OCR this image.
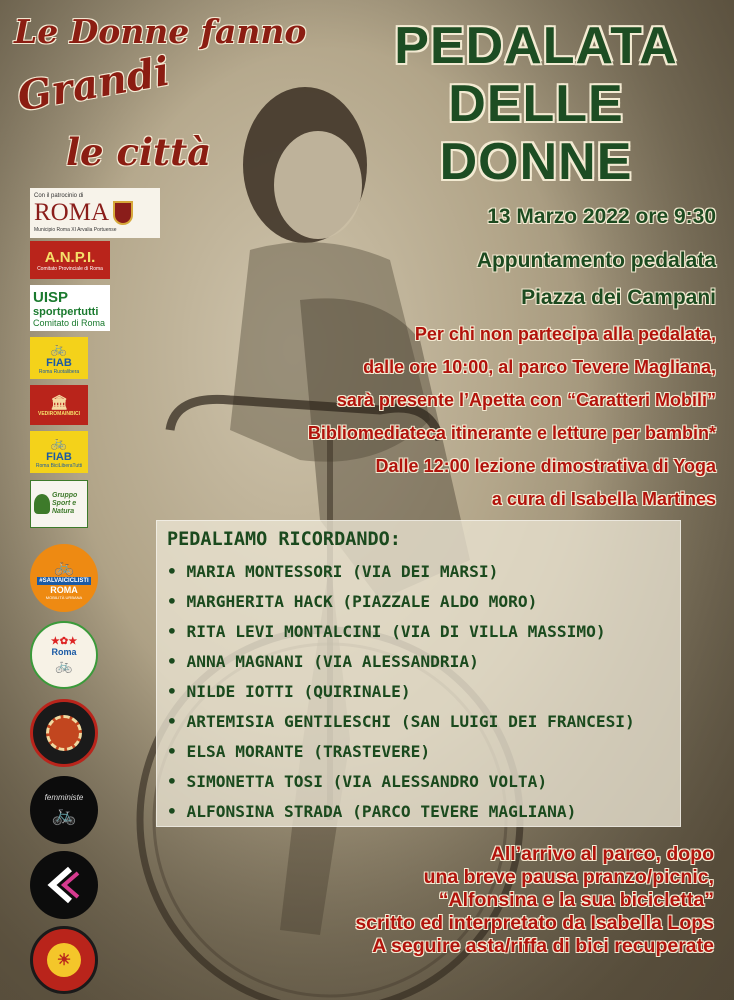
Le Donne fanno
Grandi
le città
PEDALATA
DELLE
DONNE
13 Marzo 2022 ore 9:30
Appuntamento pedalata
Piazza dei Campani
Per chi non partecipa alla pedalata,
dalle ore 10:00, al parco Tevere Magliana,
sarà presente l’Apetta con “Caratteri Mobili”
Bibliomediateca itinerante e letture per bambin*
Dalle 12:00 lezione dimostrativa di Yoga
a cura di Isabella Martines
Con il patrocinio di
ROMA
Municipio Roma XI Arvalia Portuense
A.N.P.I.
Comitato Provinciale di Roma
UISP
sportpertutti
Comitato di Roma
🚲
FIAB
Roma Ruotalibera
🏛
VEDIROMAINBICI
🚲
FIAB
Roma BiciLiberaTutti
Gruppo Sport e Natura
🚲
#SALVAICICLISTI
ROMA
MOBILITÀ URBANA
★✿★
Roma
🚲
femministe
🚲
☀
PEDALIAMO RICORDANDO:
• MARIA MONTESSORI (VIA DEI MARSI)
• MARGHERITA HACK (PIAZZALE ALDO MORO)
• RITA LEVI MONTALCINI (VIA DI VILLA MASSIMO)
• ANNA MAGNANI (VIA ALESSANDRIA)
• NILDE IOTTI (QUIRINALE)
• ARTEMISIA GENTILESCHI (SAN LUIGI DEI FRANCESI)
• ELSA MORANTE (TRASTEVERE)
• SIMONETTA TOSI (VIA ALESSANDRO VOLTA)
• ALFONSINA STRADA (PARCO TEVERE MAGLIANA)
All’arrivo al parco, dopo
una breve pausa pranzo/picnic,
“Alfonsina e la sua bicicletta”
scritto ed interpretato da Isabella Lops
A seguire asta/riffa di bici recuperate
